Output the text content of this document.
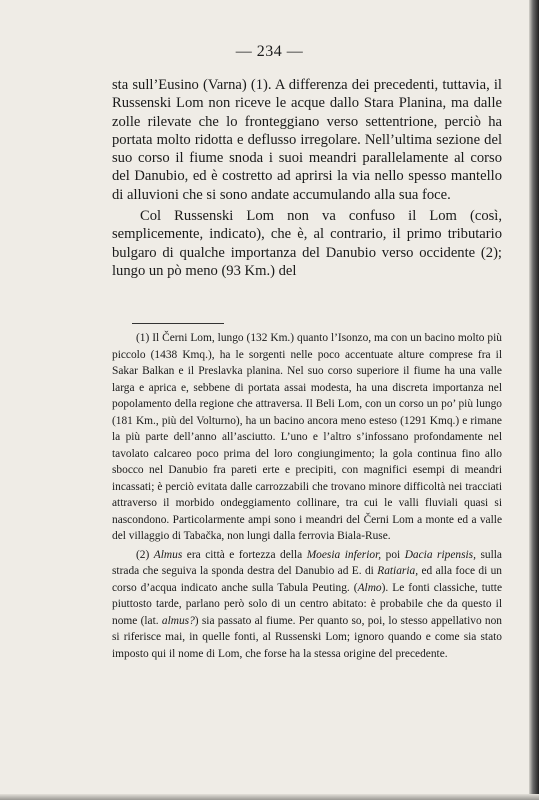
— 234 —

sta sull’Eusino (Varna) (1). A differenza dei precedenti, tuttavia, il Russenski Lom non riceve le acque dallo Stara Planina, ma dalle zolle rilevate che lo fronteggiano verso settentrione, perciò ha portata molto ridotta e deflusso irregolare. Nell’ultima sezione del suo corso il fiume snoda i suoi meandri parallelamente al corso del Danubio, ed è costretto ad aprirsi la via nello spesso mantello di alluvioni che si sono andate accumulando alla sua foce.

Col Russenski Lom non va confuso il Lom (così, semplicemente, indicato), che è, al contrario, il primo tributario bulgaro di qualche importanza del Danubio verso occidente (2); lungo un pò meno (93 Km.) del

(1) Il Černi Lom, lungo (132 Km.) quanto l’Isonzo, ma con un bacino molto più piccolo (1438 Kmq.), ha le sorgenti nelle poco accentuate alture comprese fra il Sakar Balkan e il Preslavka planina. Nel suo corso superiore il fiume ha una valle larga e aprica e, sebbene di portata assai modesta, ha una discreta importanza nel popolamento della regione che attraversa. Il Beli Lom, con un corso un po’ più lungo (181 Km., più del Volturno), ha un bacino ancora meno esteso (1291 Kmq.) e rimane la più parte dell’anno all’asciutto. L’uno e l’altro s’infossano profondamente nel tavolato calcareo poco prima del loro congiungimento; la gola continua fino allo sbocco nel Danubio fra pareti erte e precipiti, con magnifici esempi di meandri incassati; è perciò evitata dalle carrozzabili che trovano minore difficoltà nei tracciati attraverso il morbido ondeggiamento collinare, tra cui le valli fluviali quasi si nascondono. Particolarmente ampi sono i meandri del Černi Lom a monte ed a valle del villaggio di Tabačka, non lungi dalla ferrovia Biala-Ruse.

(2) Almus era città e fortezza della Moesia inferior, poi Dacia ripensis, sulla strada che seguiva la sponda destra del Danubio ad E. di Ratiaria, ed alla foce di un corso d’acqua indicato anche sulla Tabula Peuting. (Almo). Le fonti classiche, tutte piuttosto tarde, parlano però solo di un centro abitato: è probabile che da questo il nome (lat. almus?) sia passato al fiume. Per quanto so, poi, lo stesso appellativo non si riferisce mai, in quelle fonti, al Russenski Lom; ignoro quando e come sia stato imposto qui il nome di Lom, che forse ha la stessa origine del precedente.
